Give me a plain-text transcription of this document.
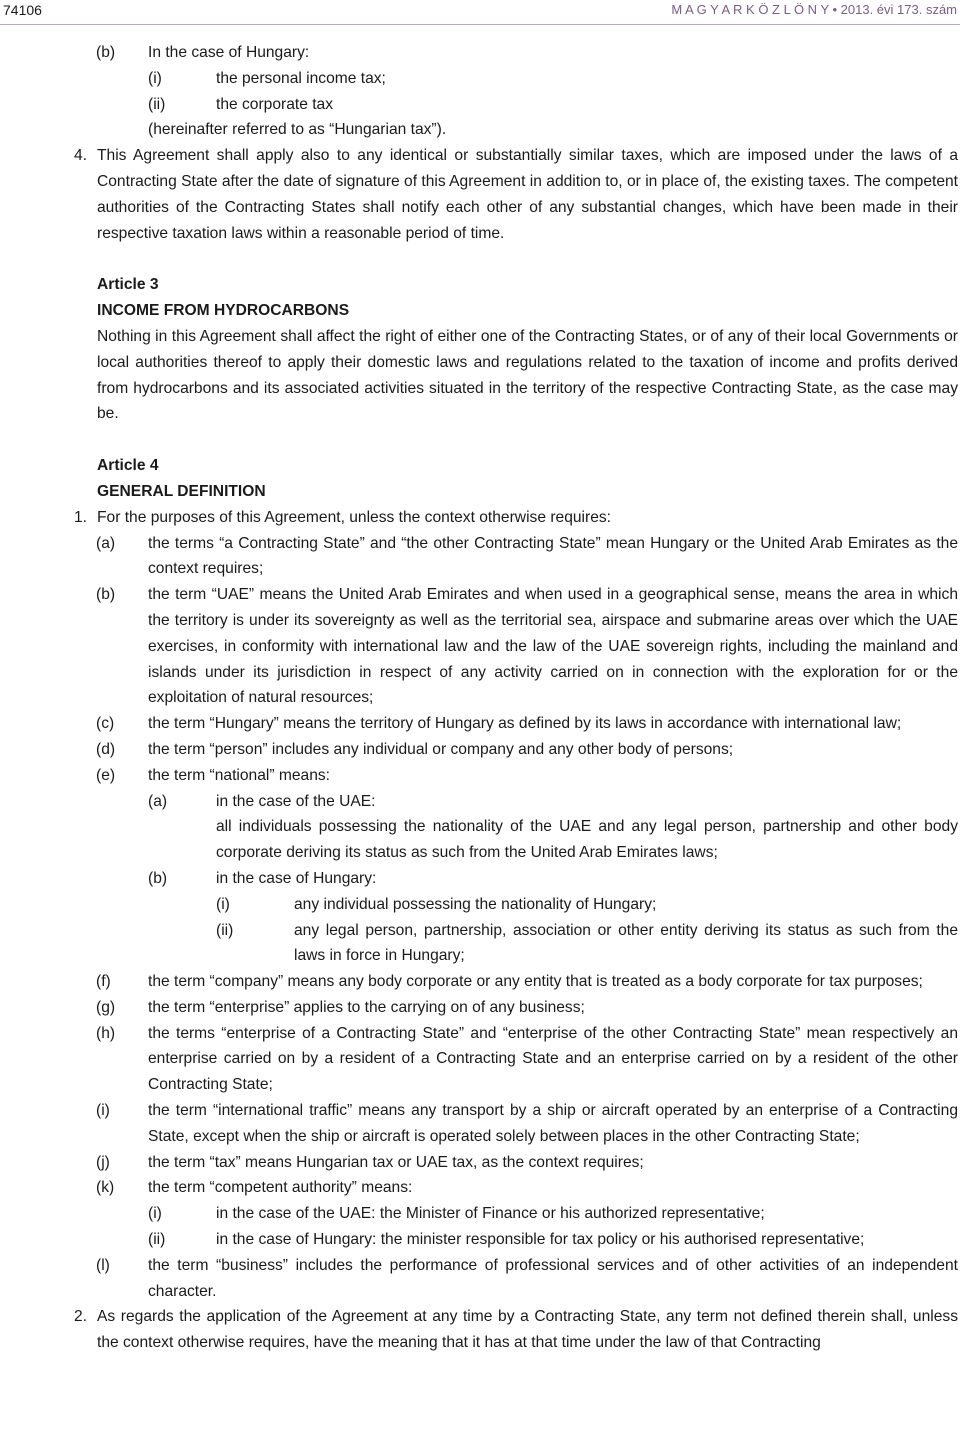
74106	M A G Y A R K Ö Z L Ö N Y • 2013. évi 173. szám
(b) In the case of Hungary:
(i)	the personal income tax;
(ii)	the corporate tax
(hereinafter referred to as “Hungarian tax”).
4. This Agreement shall apply also to any identical or substantially similar taxes, which are imposed under the laws of a Contracting State after the date of signature of this Agreement in addition to, or in place of, the existing taxes. The competent authorities of the Contracting States shall notify each other of any substantial changes, which have been made in their respective taxation laws within a reasonable period of time.
Article 3
INCOME FROM HYDROCARBONS
Nothing in this Agreement shall affect the right of either one of the Contracting States, or of any of their local Governments or local authorities thereof to apply their domestic laws and regulations related to the taxation of income and profits derived from hydrocarbons and its associated activities situated in the territory of the respective Contracting State, as the case may be.
Article 4
GENERAL DEFINITION
1. For the purposes of this Agreement, unless the context otherwise requires:
(a) the terms “a Contracting State” and “the other Contracting State” mean Hungary or the United Arab Emirates as the context requires;
(b) the term “UAE” means the United Arab Emirates and when used in a geographical sense, means the area in which the territory is under its sovereignty as well as the territorial sea, airspace and submarine areas over which the UAE exercises, in conformity with international law and the law of the UAE sovereign rights, including the mainland and islands under its jurisdiction in respect of any activity carried on in connection with the exploration for or the exploitation of natural resources;
(c) the term “Hungary” means the territory of Hungary as defined by its laws in accordance with international law;
(d) the term “person” includes any individual or company and any other body of persons;
(e) the term “national” means:
(a)	in the case of the UAE:
all individuals possessing the nationality of the UAE and any legal person, partnership and other body corporate deriving its status as such from the United Arab Emirates laws;
(b)	in the case of Hungary:
(i)	any individual possessing the nationality of Hungary;
(ii)	any legal person, partnership, association or other entity deriving its status as such from the laws in force in Hungary;
(f) the term “company” means any body corporate or any entity that is treated as a body corporate for tax purposes;
(g) the term “enterprise” applies to the carrying on of any business;
(h) the terms “enterprise of a Contracting State” and “enterprise of the other Contracting State” mean respectively an enterprise carried on by a resident of a Contracting State and an enterprise carried on by a resident of the other Contracting State;
(i) the term “international traffic” means any transport by a ship or aircraft operated by an enterprise of a Contracting State, except when the ship or aircraft is operated solely between places in the other Contracting State;
(j) the term “tax” means Hungarian tax or UAE tax, as the context requires;
(k) the term “competent authority” means:
(i)	in the case of the UAE: the Minister of Finance or his authorized representative;
(ii)	in the case of Hungary: the minister responsible for tax policy or his authorised representative;
(l) the term “business” includes the performance of professional services and of other activities of an independent character.
2. As regards the application of the Agreement at any time by a Contracting State, any term not defined therein shall, unless the context otherwise requires, have the meaning that it has at that time under the law of that Contracting
